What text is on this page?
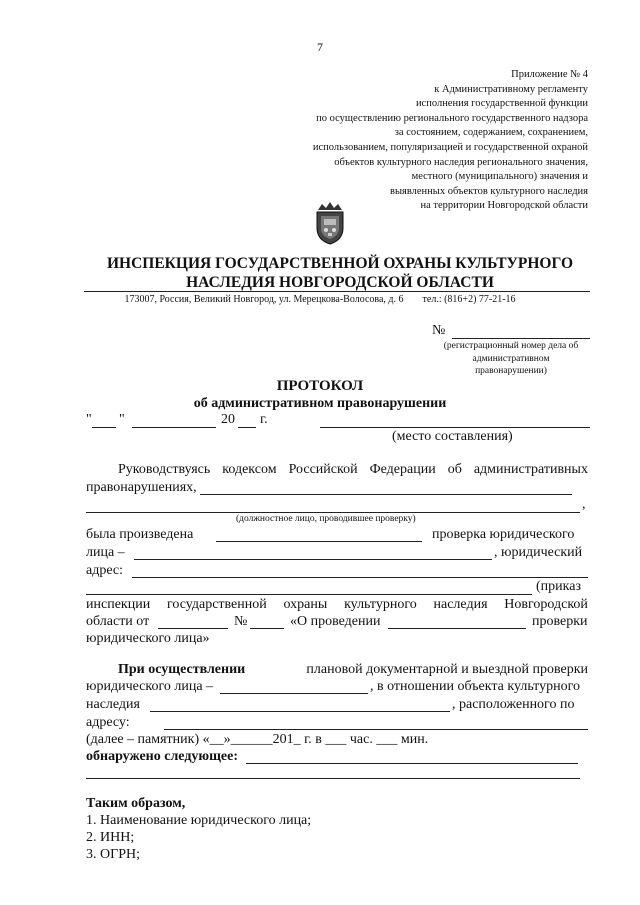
7
Приложение № 4
к Административному регламенту
исполнения государственной функции
по осуществлению регионального государственного надзора
за состоянием, содержанием, сохранением,
использованием, популяризацией и государственной охраной
объектов культурного наследия регионального значения,
местного (муниципального) значения и
выявленных объектов культурного наследия
на территории Новгородской области
ИНСПЕКЦИЯ ГОСУДАРСТВЕННОЙ ОХРАНЫ КУЛЬТУРНОГО
НАСЛЕДИЯ НОВГОРОДСКОЙ ОБЛАСТИ
173007, Россия, Великий Новгород, ул. Мерецкова-Волосова, д. 6 тел.: (816+2) 77-21-16
№
(регистрационный номер дела об
административном
правонарушении)
ПРОТОКОЛ
об административном правонарушении
" "	20 г.
(место составления)
Руководствуясь кодексом Российской Федерации об административных
правонарушениях,
,
(должностное лицо, проводившее проверку)
была произведена	проверка юридического
лица –	, юридический
адрес:
(приказ
инспекции государственной охраны культурного наследия Новгородской
области от	№	«О проведении	проверки
юридического лица»
При осуществлении	плановой документарной и выездной проверки
юридического лица –	, в отношении объекта культурного
наследия	, расположенного по
адресу:
(далее – памятник) «__»______201_ г. в ___ час. ___ мин.
обнаружено следующее:
Таким образом,
1. Наименование юридического лица;
2. ИНН;
3. ОГРН;
